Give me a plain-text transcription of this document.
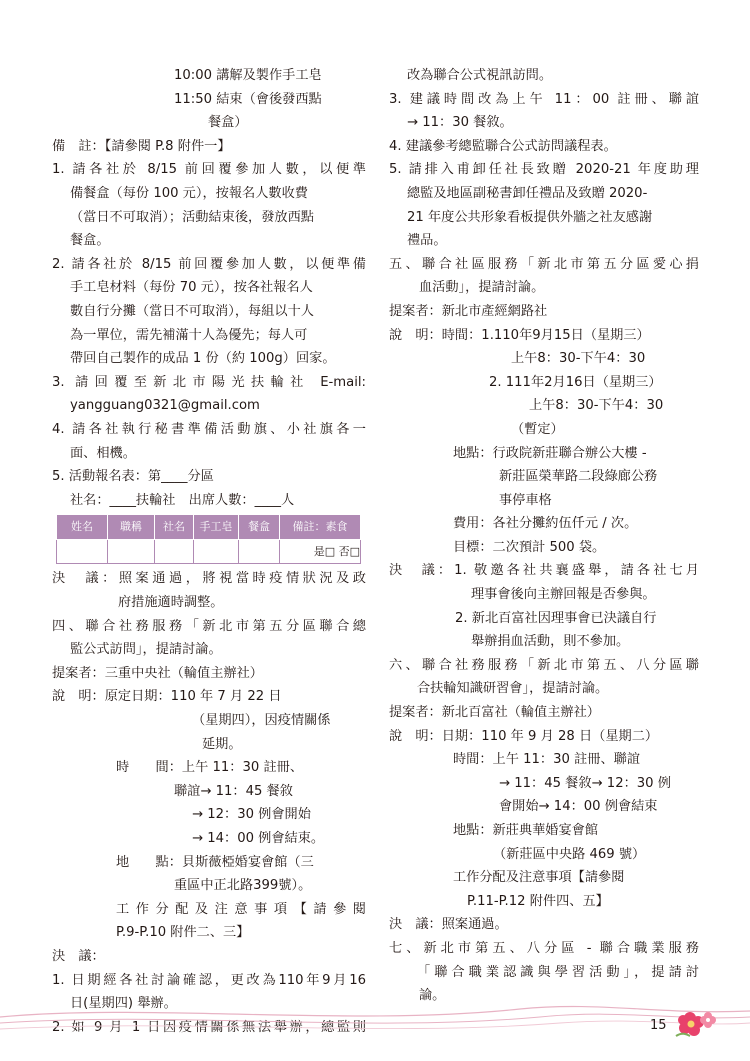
10:00 講解及製作手工皂
11:50 結束（會後發西點
餐盒）
備　註：【請參閱 P.8 附件一】
1. 請各社於 8/15 前回覆參加人數，以便準
備餐盒（每份 100 元），按報名人數收費
（當日不可取消）；活動結束後，發放西點
餐盒。
2. 請各社於 8/15 前回覆參加人數，以便準備
手工皂材料（每份 70 元），按各社報名人
數自行分攤（當日不可取消），每組以十人
為一單位，需先補滿十人為優先；每人可
帶回自己製作的成品 1 份（約 100g）回家。
3. 請回覆至新北市陽光扶輪社 E-mail:
yangguang0321@gmail.com
4. 請各社執行秘書準備活動旗、小社旗各一
面、相機。
5. 活動報名表：第____分區
社名：____扶輪社　出席人數：____人
姓名	職稱	社名	手工皂	餐盒	備註：素食
					是□ 否□
決　議：照案通過，將視當時疫情狀況及政
府措施適時調整。
四、聯合社務服務「新北市第五分區聯合總
監公式訪問」，提請討論。
提案者：三重中央社（輪值主辦社）
說　明：原定日期：110 年 7 月 22 日
（星期四），因疫情關係
延期。
時　　間：上午 11：30 註冊、
聯誼→ 11：45 餐敘
→ 12：30 例會開始
→ 14：00 例會結束。
地　　點：貝斯薇椏婚宴會館（三
重區中正北路399號）。
工作分配及注意事項【請參閱
P.9-P.10 附件二、三】
決　議：
1. 日期經各社討論確認，更改為110年9月16
日(星期四) 舉辦。
2. 如 9 月 1 日因疫情關係無法舉辦，總監則
改為聯合公式視訊訪問。
3. 建議時間改為上午 11：00 註冊、聯誼
→ 11：30 餐敘。
4. 建議參考總監聯合公式訪問議程表。
5. 請排入甫卸任社長致贈 2020-21 年度助理
總監及地區副秘書卸任禮品及致贈 2020-
21 年度公共形象看板提供外牆之社友感謝
禮品。
五、聯合社區服務「新北市第五分區愛心捐
血活動」，提請討論。
提案者：新北市產經網路社
說　明：時間：1.110年9月15日（星期三）
上午8：30-下午4：30
2. 111年2月16日（星期三）
上午8：30-下午4：30
（暫定）
地點：行政院新莊聯合辦公大樓 -
新莊區榮華路二段綠廊公務
事停車格
費用：各社分攤約伍仟元 / 次。
目標：二次預計 500 袋。
決　議：1. 敬邀各社共襄盛舉，請各社七月
理事會後向主辦回報是否參與。
2. 新北百富社因理事會已決議自行
舉辦捐血活動，則不參加。
六、聯合社務服務「新北市第五、八分區聯
合扶輪知識研習會」，提請討論。
提案者：新北百富社（輪值主辦社）
說　明：日期：110 年 9 月 28 日（星期二）
時間：上午 11：30 註冊、聯誼
→ 11：45 餐敘→ 12：30 例
會開始→ 14：00 例會結束
地點：新莊典華婚宴會館
（新莊區中央路 469 號）
工作分配及注意事項【請參閱
P.11-P.12 附件四、五】
決　議：照案通過。
七、新北市第五、八分區 - 聯合職業服務
「聯合職業認識與學習活動」，提請討
論。
15
